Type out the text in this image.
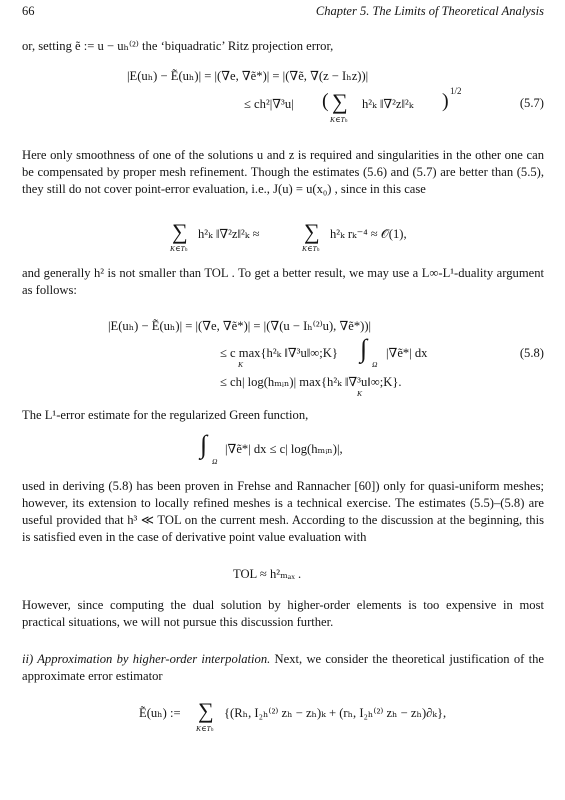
66	Chapter 5. The Limits of Theoretical Analysis
or, setting ẽ := u − uₕ⁽²⁾ the ‘biquadratic’ Ritz projection error,
|E(uₕ) − Ẽ(uₕ)| = |(∇e, ∇ẽ*)| = |(∇ẽ, ∇(z − Iₕz))|
≤ ch²|∇³u| ( ∑
K∈Tₕ
h²ₖ ‖∇²z‖²ₖ ) 1/2
(5.7)
Here only smoothness of one of the solutions u and z is required and singularities in the other one can be compensated by proper mesh refinement. Though the estimates (5.6) and (5.7) are better than (5.5), they still do not cover point-error evaluation, i.e., J(u) = u(x₀) , since in this case
∑
K∈Tₕ
h²ₖ ‖∇²z‖²ₖ ≈ ∑
K∈Tₕ
h²ₖ rₖ⁻⁴ ≈ 𝒪(1),
and generally h² is not smaller than TOL . To get a better result, we may use a L∞-L¹-duality argument as follows:
|E(uₕ) − Ẽ(uₕ)| = |(∇e, ∇ẽ*)| = |(∇(u − Iₕ⁽²⁾u), ∇ẽ*))|
≤ c max{h²ₖ ‖∇³u‖∞;K}
K
∫
Ω
|∇ẽ*| dx
≤ ch| log(hₘᵢₙ)| max{h²ₖ ‖∇³u‖∞;K}.
K
(5.8)
The L¹-error estimate for the regularized Green function,
∫
Ω
|∇ẽ*| dx ≤ c| log(hₘᵢₙ)|,
used in deriving (5.8) has been proven in Frehse and Rannacher [60]) only for quasi-uniform meshes; however, its extension to locally refined meshes is a technical exercise. The estimates (5.5)–(5.8) are useful provided that h³ ≪ TOL on the current mesh. According to the discussion at the beginning, this is satisfied even in the case of derivative point value evaluation with
TOL ≈ h²ₘₐₓ .
However, since computing the dual solution by higher-order elements is too expensive in most practical situations, we will not pursue this discussion further.
ii) Approximation by higher-order interpolation. Next, we consider the theoretical justification of the approximate error estimator
Ẽ(uₕ) := ∑
K∈Tₕ
{(Rₕ, I₂ₕ⁽²⁾ zₕ − zₕ)ₖ + (rₕ, I₂ₕ⁽²⁾ zₕ − zₕ)∂ₖ},
